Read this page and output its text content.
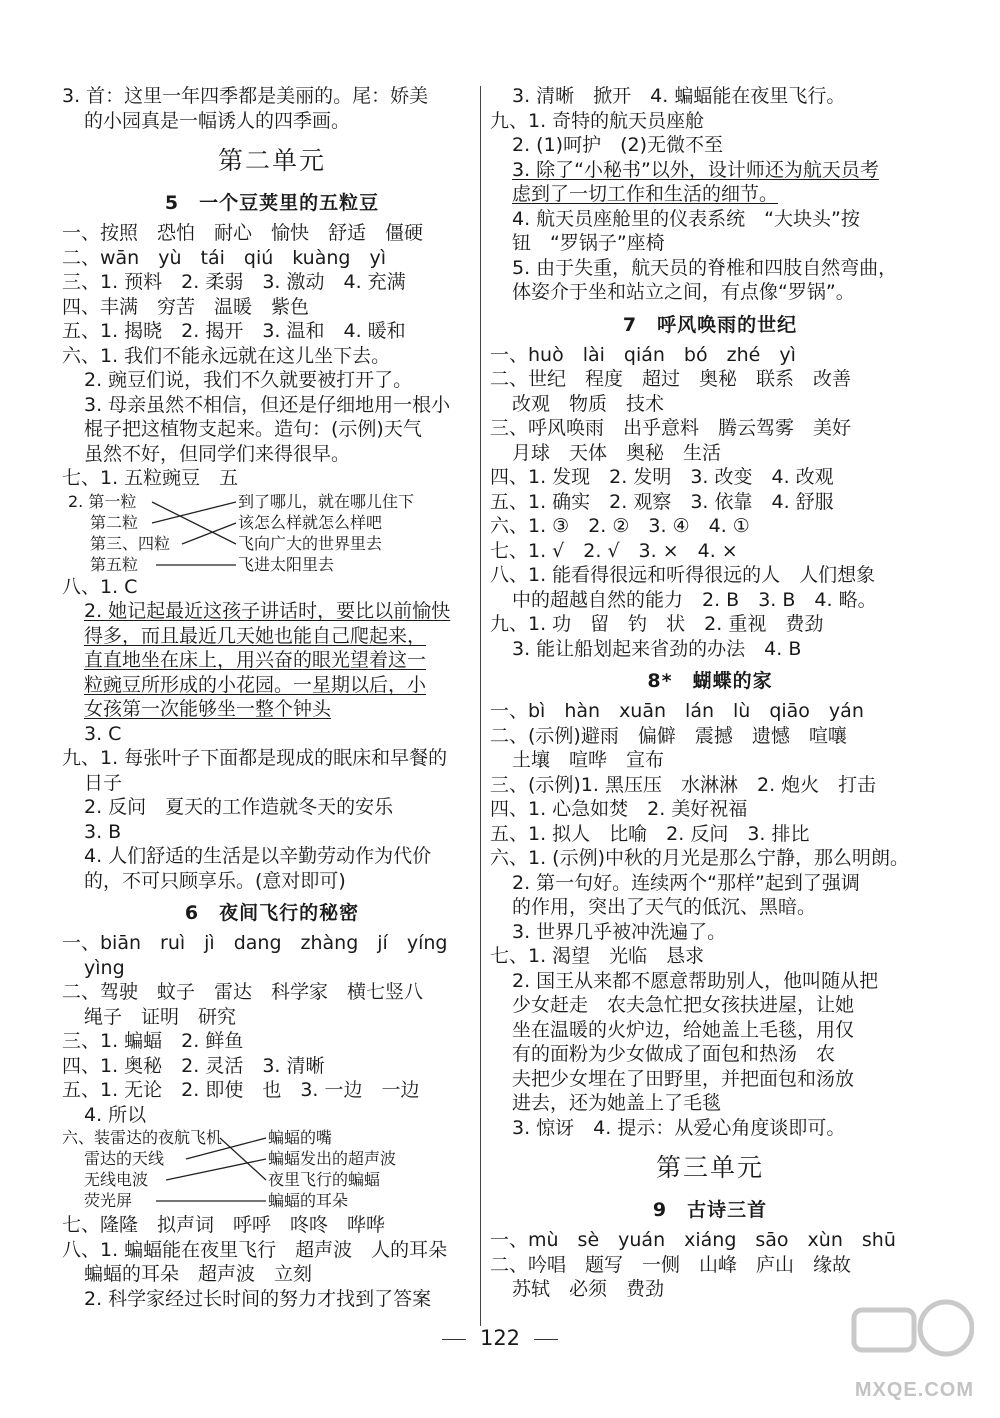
3. 首：这里一年四季都是美丽的。尾：娇美
的小园真是一幅诱人的四季画。
第二单元
5　一个豆荚里的五粒豆
一、按照　恐怕　耐心　愉快　舒适　僵硬
二、wān　yù　tái　qiú　kuàng　yì
三、1. 预料　2. 柔弱　3. 激动　4. 充满
四、丰满　穷苦　温暖　紫色
五、1. 揭晓　2. 揭开　3. 温和　4. 暖和
六、1. 我们不能永远就在这儿坐下去。
2. 豌豆们说，我们不久就要被打开了。
3. 母亲虽然不相信，但还是仔细地用一根小
棍子把这植物支起来。造句：(示例)天气
虽然不好，但同学们来得很早。
七、1. 五粒豌豆　五
2. 第一粒
第二粒
第三、四粒
第五粒
到了哪儿，就在哪儿住下
该怎么样就怎么样吧
飞向广大的世界里去
飞进太阳里去
八、1. C
2. 她记起最近这孩子讲话时，要比以前愉快
得多，而且最近几天她也能自己爬起来，
直直地坐在床上，用兴奋的眼光望着这一
粒豌豆所形成的小花园。一星期以后，小
女孩第一次能够坐一整个钟头
3. C
九、1. 每张叶子下面都是现成的眠床和早餐的
日子
2. 反问　夏天的工作造就冬天的安乐
3. B
4. 人们舒适的生活是以辛勤劳动作为代价
的，不可只顾享乐。(意对即可)
6　夜间飞行的秘密
一、biān　ruì　jì　dang　zhàng　jí　yíng
yìng
二、驾驶　蚊子　雷达　科学家　横七竖八
绳子　证明　研究
三、1. 蝙蝠　2. 鲜鱼
四、1. 奥秘　2. 灵活　3. 清晰
五、1. 无论　2. 即使　也　3. 一边　一边
4. 所以
六、装雷达的夜航飞机
雷达的天线
无线电波
荧光屏
蝙蝠的嘴
蝙蝠发出的超声波
夜里飞行的蝙蝠
蝙蝠的耳朵
七、隆隆　拟声词　呼呼　咚咚　哗哗
八、1. 蝙蝠能在夜里飞行　超声波　人的耳朵
蝙蝠的耳朵　超声波　立刻
2. 科学家经过长时间的努力才找到了答案
3. 清晰　掀开　4. 蝙蝠能在夜里飞行。
九、1. 奇特的航天员座舱
2. (1)呵护　(2)无微不至
3. 除了“小秘书”以外，设计师还为航天员考
虑到了一切工作和生活的细节。
4. 航天员座舱里的仪表系统　“大块头”按
钮　“罗锅子”座椅
5. 由于失重，航天员的脊椎和四肢自然弯曲，
体姿介于坐和站立之间，有点像“罗锅”。
7　呼风唤雨的世纪
一、huò　lài　qián　bó　zhé　yì
二、世纪　程度　超过　奥秘　联系　改善
改观　物质　技术
三、呼风唤雨　出乎意料　腾云驾雾　美好
月球　天体　奥秘　生活
四、1. 发现　2. 发明　3. 改变　4. 改观
五、1. 确实　2. 观察　3. 依靠　4. 舒服
六、1. ③　2. ②　3. ④　4. ①
七、1. √　2. √　3. ×　4. ×
八、1. 能看得很远和听得很远的人　人们想象
中的超越自然的能力　2. B　3. B　4. 略。
九、1. 功　留　钓　状　2. 重视　费劲
3. 能让船划起来省劲的办法　4. B
8*　蝴蝶的家
一、bì　hàn　xuān　lán　lù　qiāo　yán
二、(示例)避雨　偏僻　震撼　遗憾　喧嚷
土壤　喧哗　宣布
三、(示例)1. 黑压压　水淋淋　2. 炮火　打击
四、1. 心急如焚　2. 美好祝福
五、1. 拟人　比喻　2. 反问　3. 排比
六、1. (示例)中秋的月光是那么宁静，那么明朗。
2. 第一句好。连续两个“那样”起到了强调
的作用，突出了天气的低沉、黑暗。
3. 世界几乎被冲洗遍了。
七、1. 渴望　光临　恳求
2. 国王从来都不愿意帮助别人，他叫随从把
少女赶走　农夫急忙把女孩扶进屋，让她
坐在温暖的火炉边，给她盖上毛毯，用仅
有的面粉为少女做成了面包和热汤　农
夫把少女埋在了田野里，并把面包和汤放
进去，还为她盖上了毛毯
3. 惊讶　4. 提示：从爱心角度谈即可。
第三单元
9　古诗三首
一、mù　sè　yuán　xiáng　sāo　xùn　shū
二、吟唱　题写　一侧　山峰　庐山　缘故
苏轼　必须　费劲
122
MXQE.COM
